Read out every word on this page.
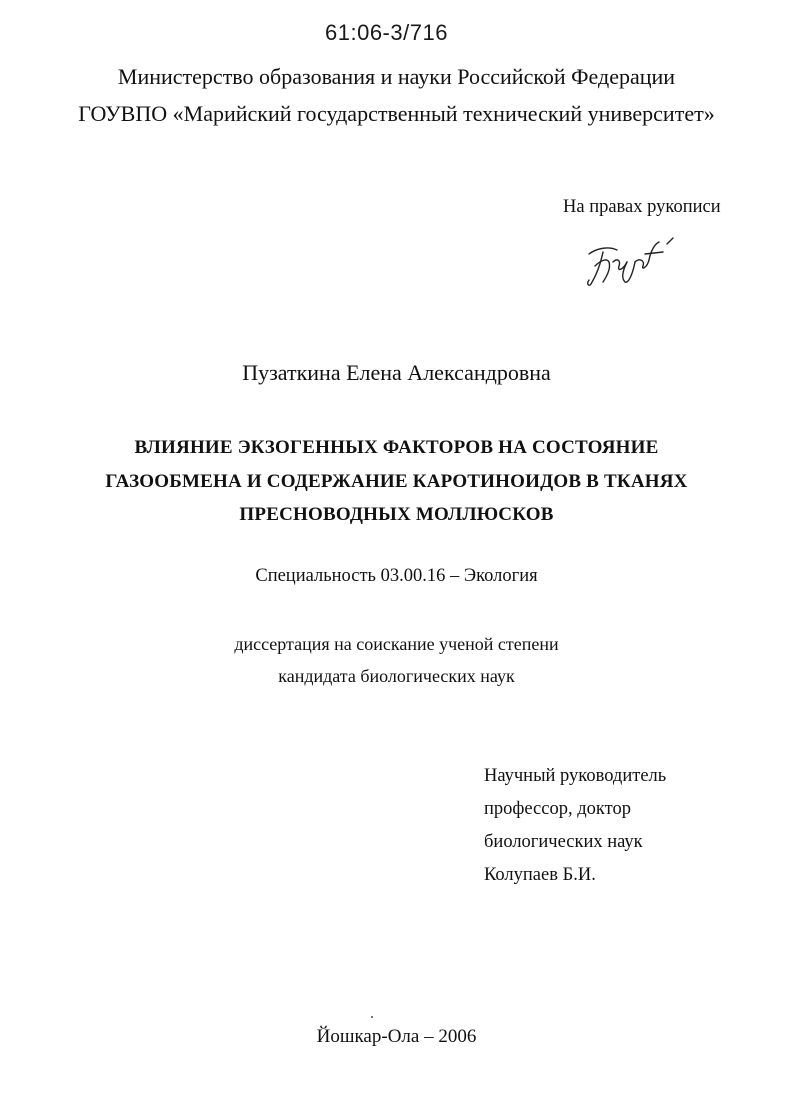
61:06-3/716
Министерство образования и науки Российской Федерации
ГОУВПО «Марийский государственный технический университет»
На правах рукописи
Пузаткина Елена Александровна
ВЛИЯНИЕ ЭКЗОГЕННЫХ ФАКТОРОВ НА СОСТОЯНИЕ
ГАЗООБМЕНА И СОДЕРЖАНИЕ КАРОТИНОИДОВ В ТКАНЯХ
ПРЕСНОВОДНЫХ МОЛЛЮСКОВ
Специальность 03.00.16 – Экология
диссертация на соискание ученой степени
кандидата биологических наук
Научный руководитель
профессор, доктор
биологических наук
Колупаев Б.И.
Йошкар-Ола – 2006
